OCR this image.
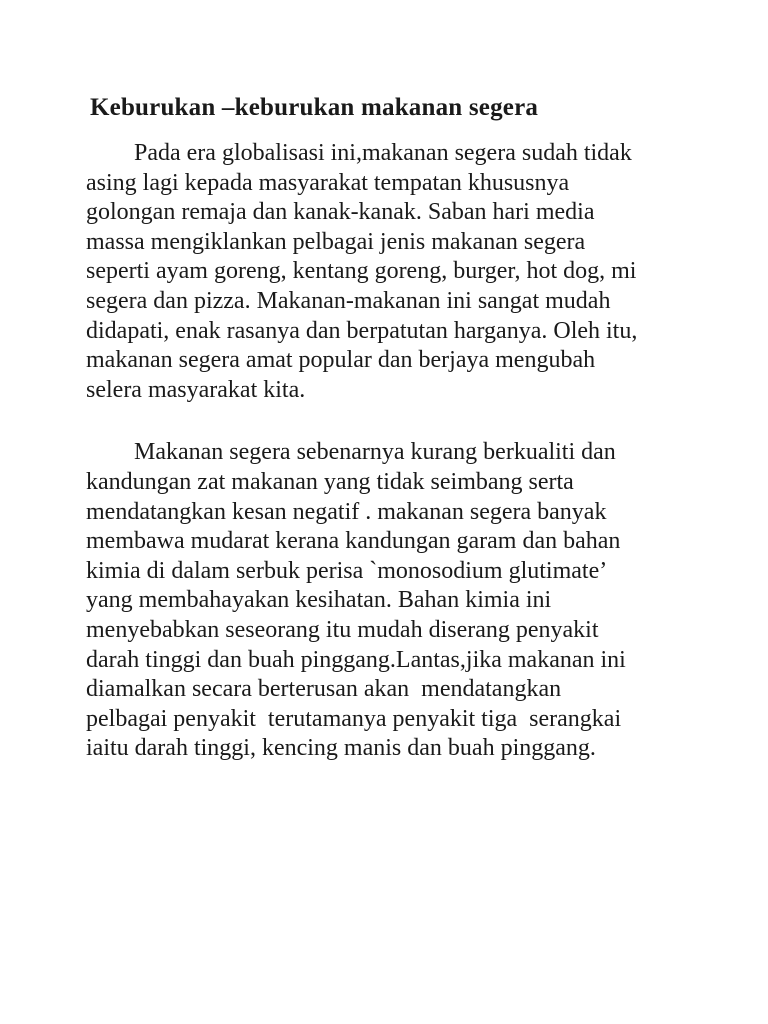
Keburukan –keburukan makanan segera
Pada era globalisasi ini,makanan segera sudah tidak
asing lagi kepada masyarakat tempatan khususnya
golongan remaja dan kanak-kanak. Saban hari media
massa mengiklankan pelbagai jenis makanan segera
seperti ayam goreng, kentang goreng, burger, hot dog, mi
segera dan pizza. Makanan-makanan ini sangat mudah
didapati, enak rasanya dan berpatutan harganya. Oleh itu,
makanan segera amat popular dan berjaya mengubah
selera masyarakat kita.
Makanan segera sebenarnya kurang berkualiti dan
kandungan zat makanan yang tidak seimbang serta
mendatangkan kesan negatif . makanan segera banyak
membawa mudarat kerana kandungan garam dan bahan
kimia di dalam serbuk perisa `monosodium glutimate’
yang membahayakan kesihatan. Bahan kimia ini
menyebabkan seseorang itu mudah diserang penyakit
darah tinggi dan buah pinggang.Lantas,jika makanan ini
diamalkan secara berterusan akan  mendatangkan
pelbagai penyakit  terutamanya penyakit tiga  serangkai
iaitu darah tinggi, kencing manis dan buah pinggang.
